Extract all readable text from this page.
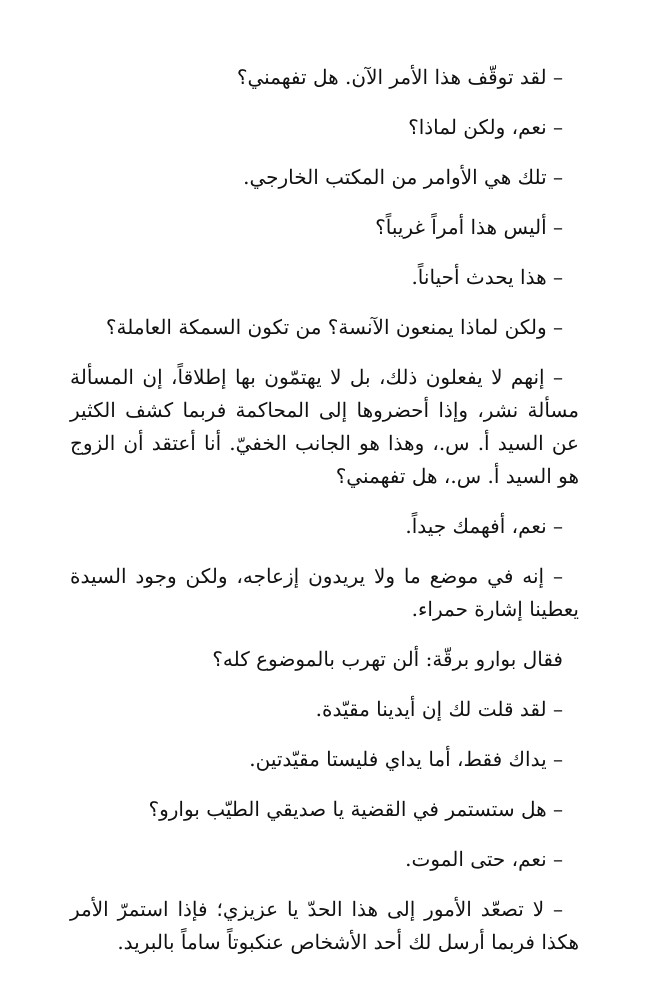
– لقد توقّف هذا الأمر الآن. هل تفهمني؟

– نعم، ولكن لماذا؟

– تلك هي الأوامر من المكتب الخارجي.

– أليس هذا أمراً غريباً؟

– هذا يحدث أحياناً.

– ولكن لماذا يمنعون الآنسة؟ من تكون السمكة العاملة؟

– إنهم لا يفعلون ذلك، بل لا يهتمّون بها إطلاقاً، إن المسألة مسألة نشر، وإذا أحضروها إلى المحاكمة فربما كشف الكثير عن السيد أ. س.، وهذا هو الجانب الخفيّ. أنا أعتقد أن الزوج هو السيد أ. س.، هل تفهمني؟

– نعم، أفهمك جيداً.

– إنه في موضع ما ولا يريدون إزعاجه، ولكن وجود السيدة يعطينا إشارة حمراء.

فقال بوارو برقّة: ألن تهرب بالموضوع كله؟

– لقد قلت لك إن أيدينا مقيّدة.

– يداك فقط، أما يداي فليستا مقيّدتين.

– هل ستستمر في القضية يا صديقي الطيّب بوارو؟

– نعم، حتى الموت.

– لا تصعّد الأمور إلى هذا الحدّ يا عزيزي؛ فإذا استمرّ الأمر هكذا فربما أرسل لك أحد الأشخاص عنكبوتاً ساماً بالبريد.
